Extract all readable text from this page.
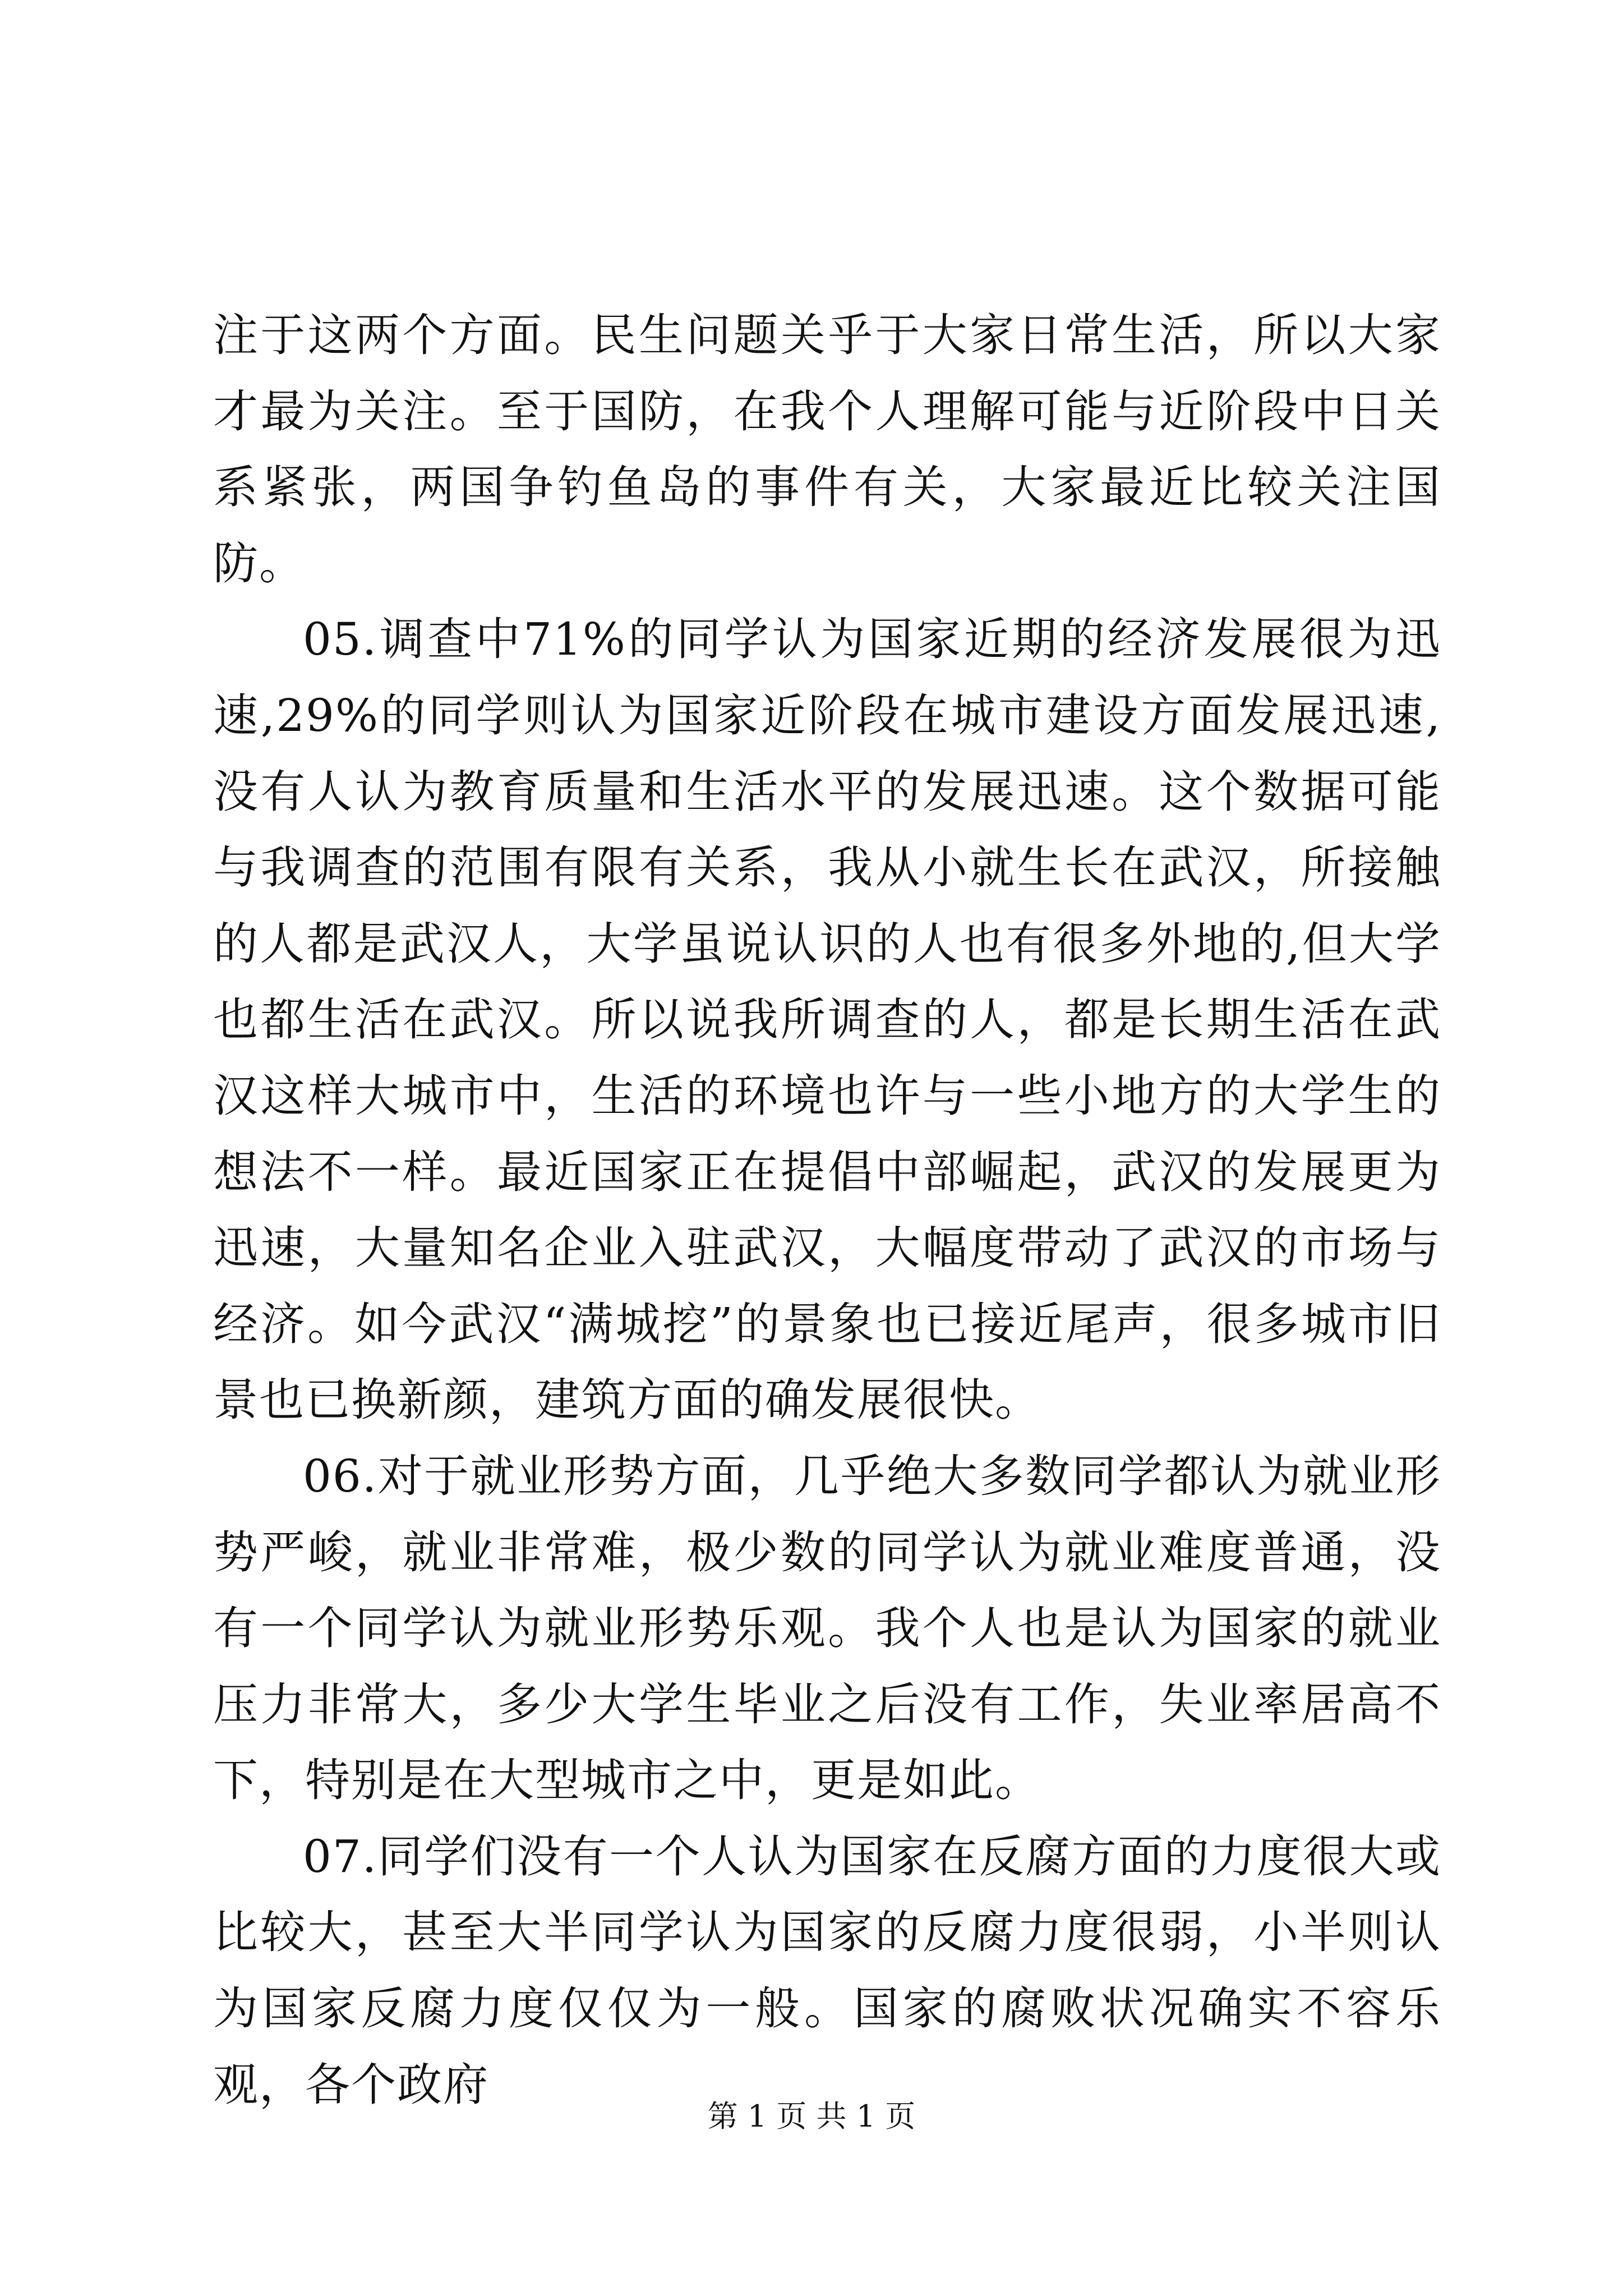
注于这两个方面。民生问题关乎于大家日常生活，所以大家才最为关注。至于国防，在我个人理解可能与近阶段中日关系紧张，两国争钓鱼岛的事件有关，大家最近比较关注国防。

05.调查中71%的同学认为国家近期的经济发展很为迅速,29%的同学则认为国家近阶段在城市建设方面发展迅速,没有人认为教育质量和生活水平的发展迅速。这个数据可能与我调查的范围有限有关系，我从小就生长在武汉，所接触的人都是武汉人，大学虽说认识的人也有很多外地的,但大学也都生活在武汉。所以说我所调查的人，都是长期生活在武汉这样大城市中，生活的环境也许与一些小地方的大学生的想法不一样。最近国家正在提倡中部崛起，武汉的发展更为迅速，大量知名企业入驻武汉，大幅度带动了武汉的市场与经济。如今武汉“满城挖”的景象也已接近尾声，很多城市旧景也已换新颜，建筑方面的确发展很快。

06.对于就业形势方面，几乎绝大多数同学都认为就业形势严峻，就业非常难，极少数的同学认为就业难度普通，没有一个同学认为就业形势乐观。我个人也是认为国家的就业压力非常大，多少大学生毕业之后没有工作，失业率居高不下，特别是在大型城市之中，更是如此。

07.同学们没有一个人认为国家在反腐方面的力度很大或比较大，甚至大半同学认为国家的反腐力度很弱，小半则认为国家反腐力度仅仅为一般。国家的腐败状况确实不容乐观，各个政府

第 1 页 共 1 页
